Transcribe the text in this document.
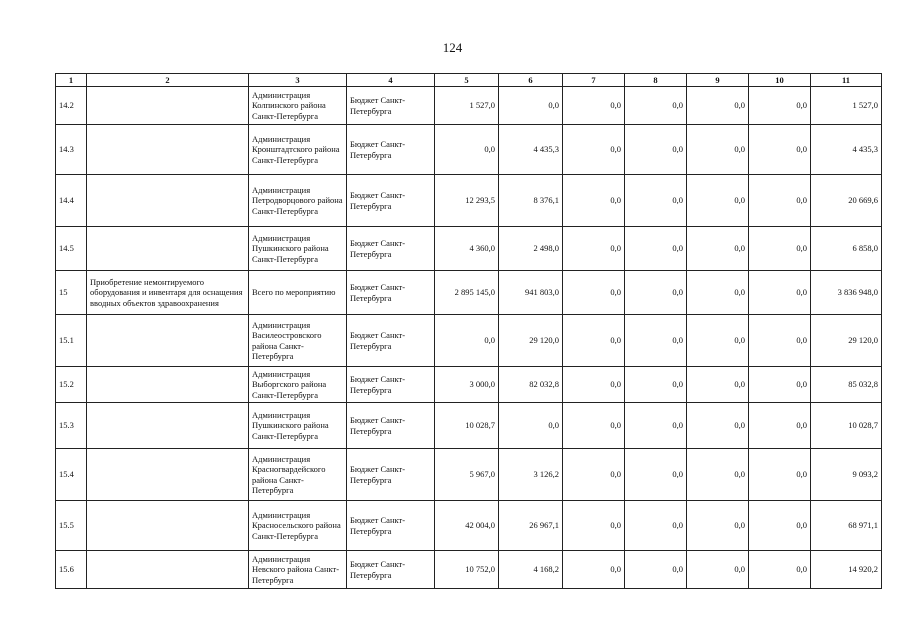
124
1	2	3	4	5	6	7	8	9	10	11
14.2		Администрация Колпинского района Санкт-Петербурга	Бюджет Санкт-Петербурга	1 527,0	0,0	0,0	0,0	0,0	0,0	1 527,0
14.3		Администрация Кронштадтского района Санкт-Петербурга	Бюджет Санкт-Петербурга	0,0	4 435,3	0,0	0,0	0,0	0,0	4 435,3
14.4		Администрация Петродворцового района Санкт-Петербурга	Бюджет Санкт-Петербурга	12 293,5	8 376,1	0,0	0,0	0,0	0,0	20 669,6
14.5		Администрация Пушкинского района Санкт-Петербурга	Бюджет Санкт-Петербурга	4 360,0	2 498,0	0,0	0,0	0,0	0,0	6 858,0
15	Приобретение немонтируемого оборудования и инвентаря для оснащения вводных объектов здравоохранения	Всего по мероприятию	Бюджет Санкт-Петербурга	2 895 145,0	941 803,0	0,0	0,0	0,0	0,0	3 836 948,0
15.1		Администрация Василеостровского района Санкт-Петербурга	Бюджет Санкт-Петербурга	0,0	29 120,0	0,0	0,0	0,0	0,0	29 120,0
15.2		Администрация Выборгского района Санкт-Петербурга	Бюджет Санкт-Петербурга	3 000,0	82 032,8	0,0	0,0	0,0	0,0	85 032,8
15.3		Администрация Пушкинского района Санкт-Петербурга	Бюджет Санкт-Петербурга	10 028,7	0,0	0,0	0,0	0,0	0,0	10 028,7
15.4		Администрация Красногвардейского района Санкт-Петербурга	Бюджет Санкт-Петербурга	5 967,0	3 126,2	0,0	0,0	0,0	0,0	9 093,2
15.5		Администрация Красносельского района Санкт-Петербурга	Бюджет Санкт-Петербурга	42 004,0	26 967,1	0,0	0,0	0,0	0,0	68 971,1
15.6		Администрация Невского района Санкт-Петербурга	Бюджет Санкт-Петербурга	10 752,0	4 168,2	0,0	0,0	0,0	0,0	14 920,2
